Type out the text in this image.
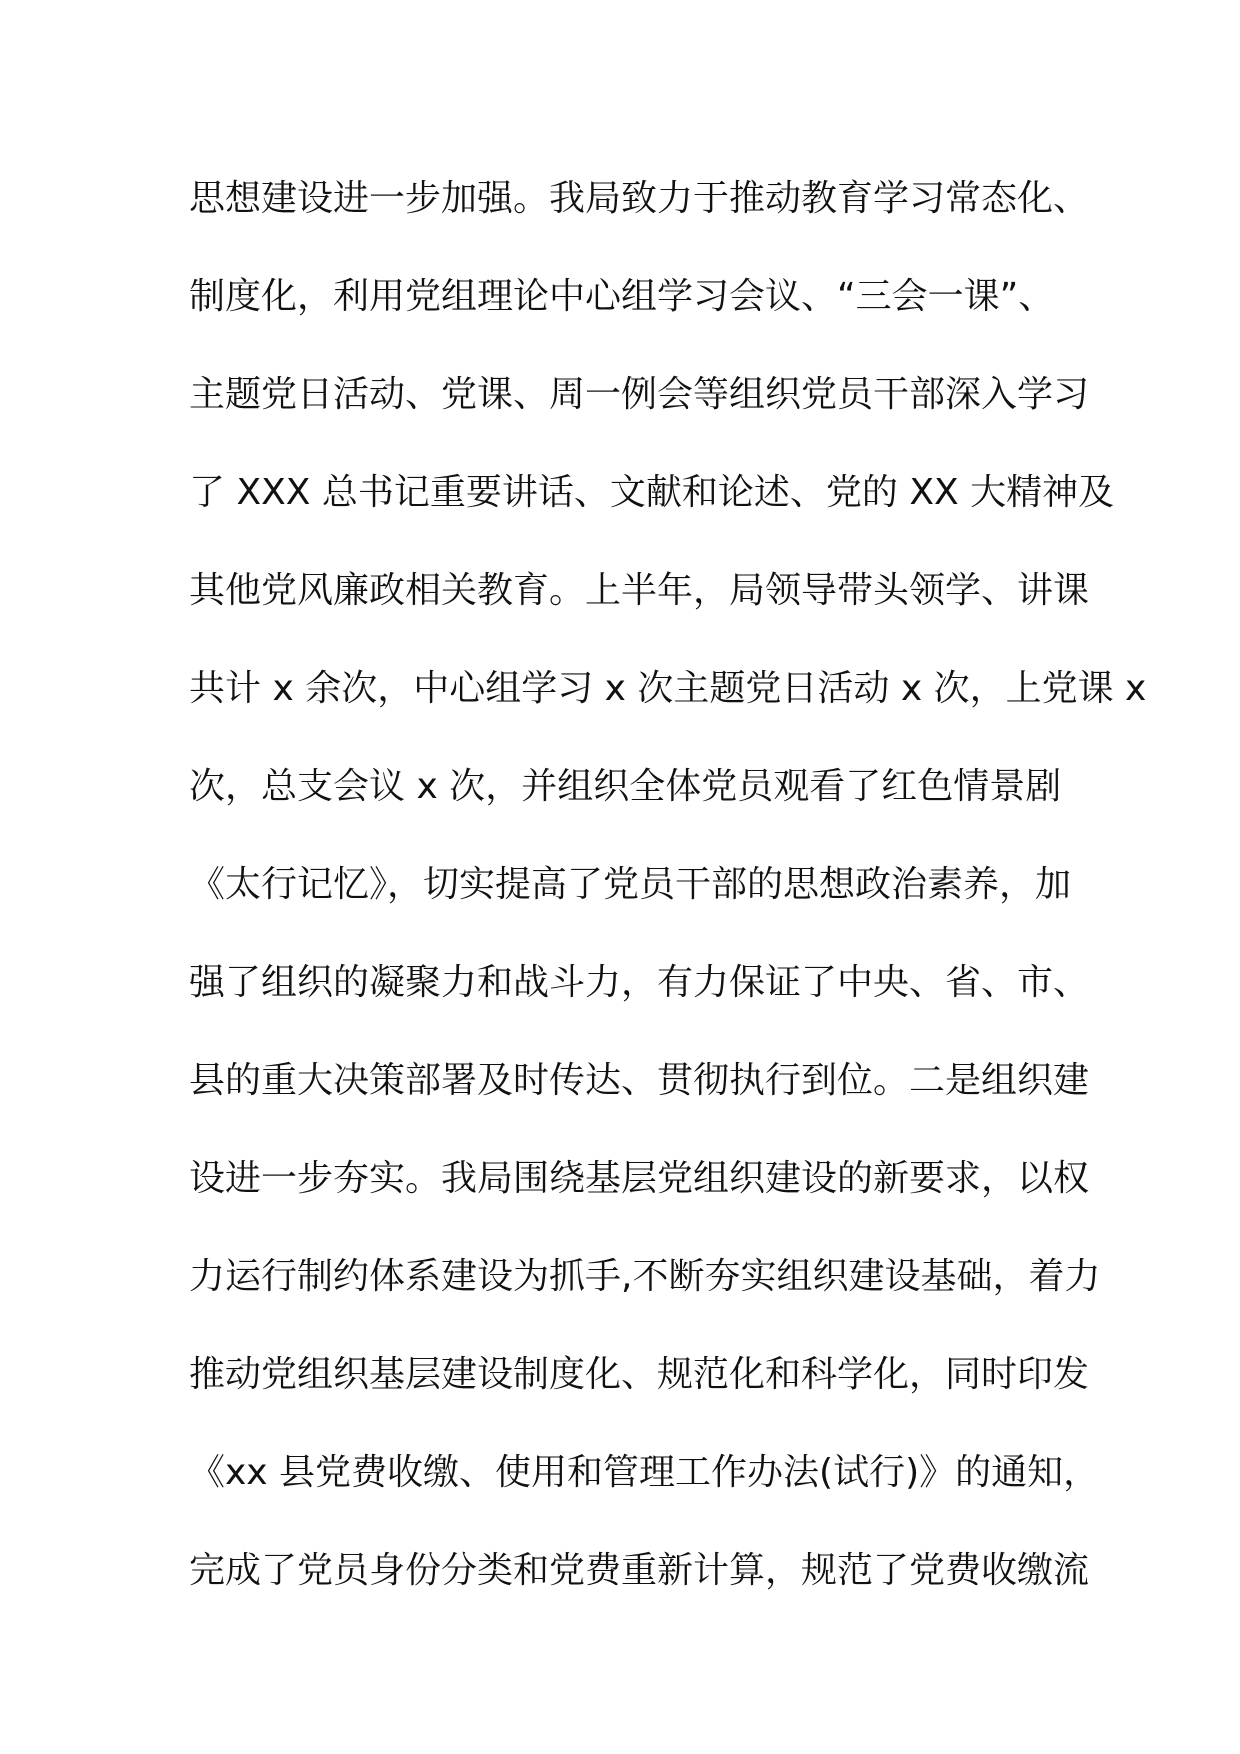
思想建设进一步加强。我局致力于推动教育学习常态化、
制度化，利用党组理论中心组学习会议、“三会一课”、
主题党日活动、党课、周一例会等组织党员干部深入学习
了 XXX 总书记重要讲话、文献和论述、党的 XX 大精神及
其他党风廉政相关教育。上半年，局领导带头领学、讲课
共计 x 余次，中心组学习 x 次主题党日活动 x 次，上党课 x
次，总支会议 x 次，并组织全体党员观看了红色情景剧
《太行记忆》，切实提高了党员干部的思想政治素养，加
强了组织的凝聚力和战斗力，有力保证了中央、省、市、
县的重大决策部署及时传达、贯彻执行到位。二是组织建
设进一步夯实。我局围绕基层党组织建设的新要求，以权
力运行制约体系建设为抓手,不断夯实组织建设基础，着力
推动党组织基层建设制度化、规范化和科学化，同时印发
《xx 县党费收缴、使用和管理工作办法(试行)》的通知，
完成了党员身份分类和党费重新计算，规范了党费收缴流
